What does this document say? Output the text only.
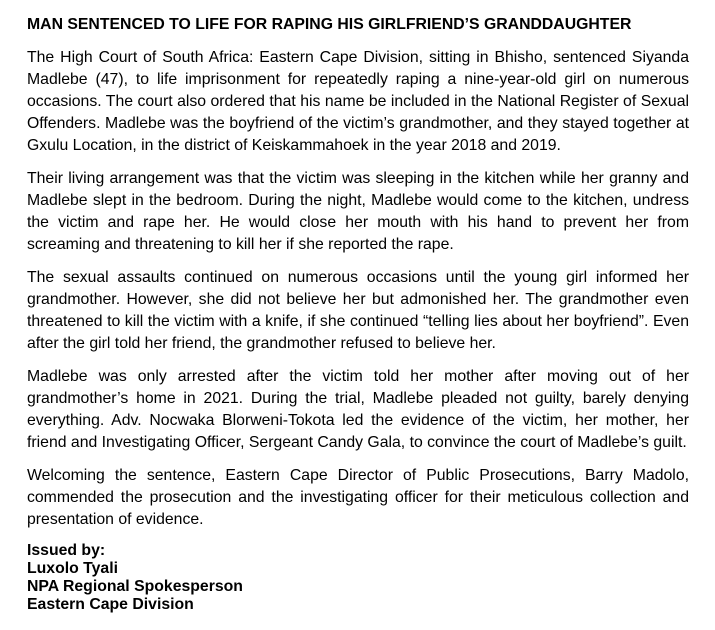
MAN SENTENCED TO LIFE FOR RAPING HIS GIRLFRIEND’S GRANDDAUGHTER

The High Court of South Africa: Eastern Cape Division, sitting in Bhisho, sentenced Siyanda Madlebe (47), to life imprisonment for repeatedly raping a nine-year-old girl on numerous occasions. The court also ordered that his name be included in the National Register of Sexual Offenders. Madlebe was the boyfriend of the victim’s grandmother, and they stayed together at Gxulu Location, in the district of Keiskammahoek in the year 2018 and 2019.

Their living arrangement was that the victim was sleeping in the kitchen while her granny and Madlebe slept in the bedroom. During the night, Madlebe would come to the kitchen, undress the victim and rape her. He would close her mouth with his hand to prevent her from screaming and threatening to kill her if she reported the rape.

The sexual assaults continued on numerous occasions until the young girl informed her grandmother. However, she did not believe her but admonished her. The grandmother even threatened to kill the victim with a knife, if she continued “telling lies about her boyfriend”. Even after the girl told her friend, the grandmother refused to believe her.

Madlebe was only arrested after the victim told her mother after moving out of her grandmother’s home in 2021. During the trial, Madlebe pleaded not guilty, barely denying everything. Adv. Nocwaka Blorweni-Tokota led the evidence of the victim, her mother, her friend and Investigating Officer, Sergeant Candy Gala, to convince the court of Madlebe’s guilt.

Welcoming the sentence, Eastern Cape Director of Public Prosecutions, Barry Madolo, commended the prosecution and the investigating officer for their meticulous collection and presentation of evidence.

Issued by:

Luxolo Tyali

NPA Regional Spokesperson

Eastern Cape Division
